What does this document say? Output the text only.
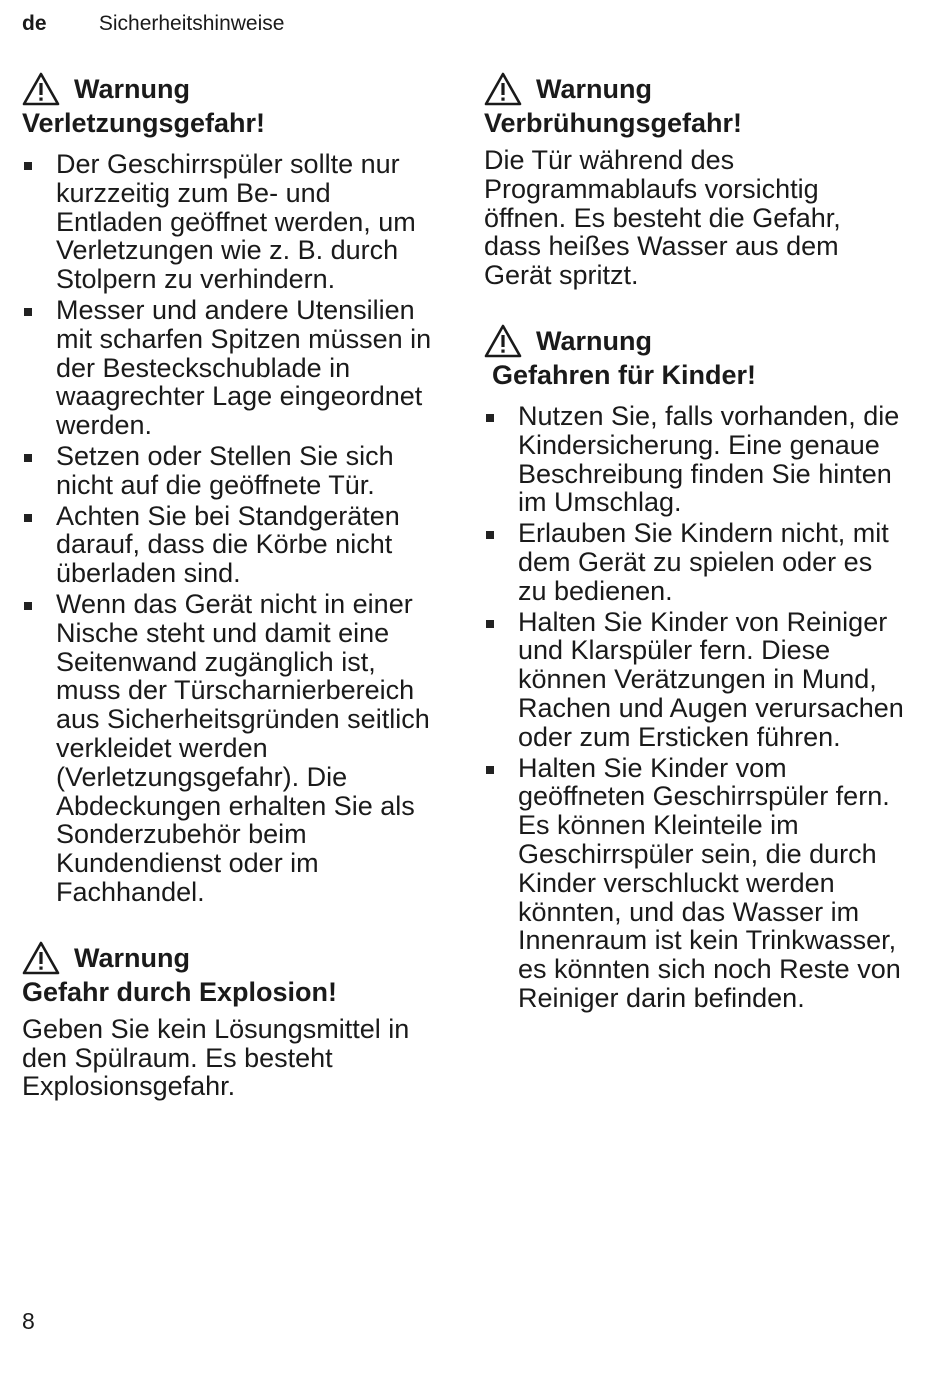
de Sicherheitshinweise
Warnung
Verletzungsgefahr!
Der Geschirrspüler sollte nur kurzzeitig zum Be- und Entladen geöffnet werden, um Verletzungen wie z. B. durch Stolpern zu verhindern.
Messer und andere Utensilien mit scharfen Spitzen müssen in der Besteckschublade in waagrechter Lage eingeordnet werden.
Setzen oder Stellen Sie sich nicht auf die geöffnete Tür.
Achten Sie bei Standgeräten darauf, dass die Körbe nicht überladen sind.
Wenn das Gerät nicht in einer Nische steht und damit eine Seitenwand zugänglich ist, muss der Türscharnierbereich aus Sicherheitsgründen seitlich verkleidet werden (Verletzungsgefahr). Die Abdeckungen erhalten Sie als Sonderzubehör beim Kundendienst oder im Fachhandel.
Warnung
Gefahr durch Explosion!
Geben Sie kein Lösungsmittel in den Spülraum. Es besteht Explosionsgefahr.
Warnung
Verbrühungsgefahr!
Die Tür während des Programmablaufs vorsichtig öffnen. Es besteht die Gefahr, dass heißes Wasser aus dem Gerät spritzt.
Warnung
Gefahren für Kinder!
Nutzen Sie, falls vorhanden, die Kindersicherung. Eine genaue Beschreibung finden Sie hinten im Umschlag.
Erlauben Sie Kindern nicht, mit dem Gerät zu spielen oder es zu bedienen.
Halten Sie Kinder von Reiniger und Klarspüler fern. Diese können Verätzungen in Mund, Rachen und Augen verursachen oder zum Ersticken führen.
Halten Sie Kinder vom geöffneten Geschirrspüler fern. Es können Kleinteile im Geschirrspüler sein, die durch Kinder verschluckt werden könnten, und das Wasser im Innenraum ist kein Trinkwasser, es könnten sich noch Reste von Reiniger darin befinden.
8
